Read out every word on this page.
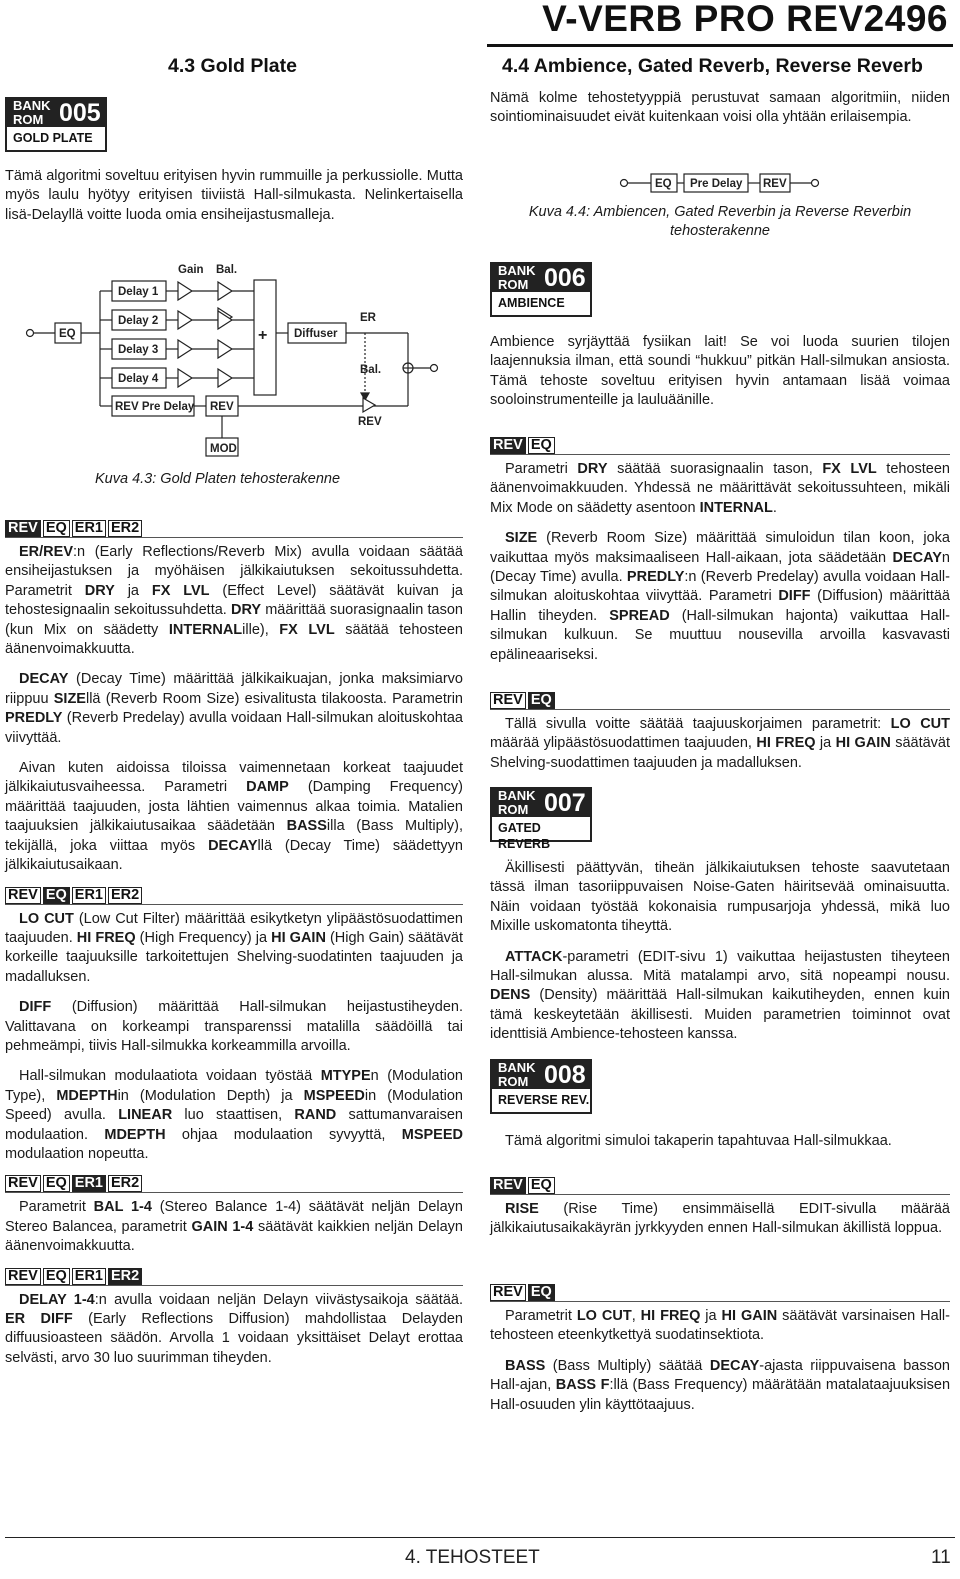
V-VERB PRO REV2496
4.3 Gold Plate
BANK
ROM 005
GOLD PLATE
Tämä algoritmi soveltuu erityisen hyvin rummuille ja perkussiolle. Mutta myös laulu hyötyy erityisen tiiviistä Hall-silmukasta. Nelinkertaisella lisä-Delayllä voitte luoda omia ensiheijastusmalleja.
Gain Bal.
EQ
Delay 1
Delay 2
Delay 3
Delay 4
REV Pre Delay REV
+ Diffuser
ER
Bal.
REV
MOD
Kuva 4.3: Gold Platen tehosterakenne
REV EQ ER1 ER2
ER/REV:n (Early Reflections/Reverb Mix) avulla voidaan säätää ensiheijastuksen ja myöhäisen jälkikaiutuksen sekoitussuhdetta. Parametrit DRY ja FX LVL (Effect Level) säätävät kuivan ja tehostesignaalin sekoitussuhdetta. DRY määrittää suorasignaalin tason (kun Mix on säädetty INTERNALille), FX LVL säätää tehosteen äänenvoimakkuutta.
DECAY (Decay Time) määrittää jälkikaikuajan, jonka maksimiarvo riippuu SIZEllä (Reverb Room Size) esivalitusta tilakoosta. Parametrin PREDLY (Reverb Predelay) avulla voidaan Hall-silmukan aloituskohtaa viivyttää.
Aivan kuten aidoissa tiloissa vaimennetaan korkeat taajuudet jälkikaiutusvaiheessa. Parametri DAMP (Damping Frequency) määrittää taajuuden, josta lähtien vaimennus alkaa toimia. Matalien taajuuksien jälkikaiutusaikaa säädetään BASSilla (Bass Multiply), tekijällä, joka viittaa myös DECAYllä (Decay Time) säädettyyn jälkikaiutusaikaan.
REV EQ ER1 ER2
LO CUT (Low Cut Filter) määrittää esikytketyn ylipäästösuodattimen taajuuden. HI FREQ (High Frequency) ja HI GAIN (High Gain) säätävät korkeille taajuuksille tarkoitettujen Shelving-suodatinten taajuuden ja madalluksen.
DIFF (Diffusion) määrittää Hall-silmukan heijastustiheyden. Valittavana on korkeampi transparenssi matalilla säädöillä tai pehmeämpi, tiivis Hall-silmukka korkeammilla arvoilla.
Hall-silmukan modulaatiota voidaan työstää MTYPEn (Modulation Type), MDEPTHin (Modulation Depth) ja MSPEEDin (Modulation Speed) avulla. LINEAR luo staattisen, RAND sattumanvaraisen modulaation. MDEPTH ohjaa modulaation syvyyttä, MSPEED modulaation nopeutta.
REV EQ ER1 ER2
Parametrit BAL 1-4 (Stereo Balance 1-4) säätävät neljän Delayn Stereo Balancea, parametrit GAIN 1-4 säätävät kaikkien neljän Delayn äänenvoimakkuutta.
REV EQ ER1 ER2
DELAY 1-4:n avulla voidaan neljän Delayn viivästysaikoja säätää. ER DIFF (Early Reflections Diffusion) mahdollistaa Delayden diffuusioasteen säädön. Arvolla 1 voidaan yksittäiset Delayt erottaa selvästi, arvo 30 luo suurimman tiheyden.
4.4 Ambience, Gated Reverb, Reverse Reverb
Nämä kolme tehostetyyppiä perustuvat samaan algoritmiin, niiden sointiominaisuudet eivät kuitenkaan voisi olla yhtään erilaisempia.
EQ Pre Delay REV
Kuva 4.4: Ambiencen, Gated Reverbin ja Reverse Reverbin tehosterakenne
BANK
ROM 006
AMBIENCE
Ambience syrjäyttää fysiikan lait! Se voi luoda suurien tilojen laajennuksia ilman, että soundi “hukkuu” pitkän Hall-silmukan ansiosta. Tämä tehoste soveltuu erityisen hyvin antamaan lisää voimaa sooloinstrumenteille ja lauluäänille.
REV EQ
Parametri DRY säätää suorasignaalin tason, FX LVL tehosteen äänenvoimakkuuden. Yhdessä ne määrittävät sekoitussuhteen, mikäli Mix Mode on säädetty asentoon INTERNAL.
SIZE (Reverb Room Size) määrittää simuloidun tilan koon, joka vaikuttaa myös maksimaaliseen Hall-aikaan, jota säädetään DECAYn (Decay Time) avulla. PREDLY:n (Reverb Predelay) avulla voidaan Hall-silmukan aloituskohtaa viivyttää. Parametri DIFF (Diffusion) määrittää Hallin tiheyden. SPREAD (Hall-silmukan hajonta) vaikuttaa Hall-silmukan kulkuun. Se muuttuu nousevilla arvoilla kasvavasti epälineaariseksi.
REV EQ
Tällä sivulla voitte säätää taajuuskorjaimen parametrit: LO CUT määrää ylipäästösuodattimen taajuuden, HI FREQ ja HI GAIN säätävät Shelving-suodattimen taajuuden ja madalluksen.
BANK
ROM 007
GATED REVERB
Äkillisesti päättyvän, tiheän jälkikaiutuksen tehoste saavutetaan tässä ilman tasoriippuvaisen Noise-Gaten häiritsevää ominaisuutta. Näin voidaan työstää kokonaisia rumpusarjoja yhdessä, mikä luo Mixille uskomatonta tiheyttä.
ATTACK-parametri (EDIT-sivu 1) vaikuttaa heijastusten tiheyteen Hall-silmukan alussa. Mitä matalampi arvo, sitä nopeampi nousu. DENS (Density) määrittää Hall-silmukan kaikutiheyden, ennen kuin tämä keskeytetään äkillisesti. Muiden parametrien toiminnot ovat identtisiä Ambience-tehosteen kanssa.
BANK
ROM 008
REVERSE REV.
Tämä algoritmi simuloi takaperin tapahtuvaa Hall-silmukkaa.
REV EQ
RISE (Rise Time) ensimmäisellä EDIT-sivulla määrää jälkikaiutusaikakäyrän jyrkkyyden ennen Hall-silmukan äkillistä loppua.
REV EQ
Parametrit LO CUT, HI FREQ ja HI GAIN säätävät varsinaisen Hall-tehosteen eteenkytkettyä suodatinsektiota.
BASS (Bass Multiply) säätää DECAY-ajasta riippuvaisena basson Hall-ajan, BASS F:llä (Bass Frequency) määrätään matalataajuuksisen Hall-osuuden ylin käyttötaajuus.
4. TEHOSTEET	11
